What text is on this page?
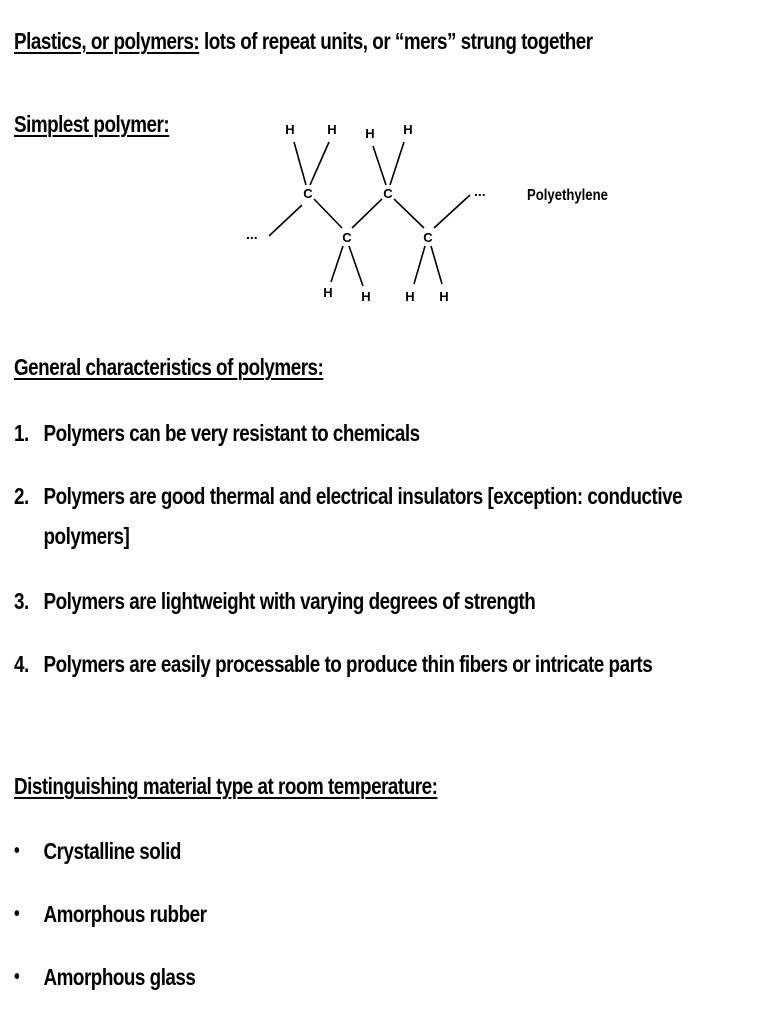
Plastics, or polymers: lots of repeat units, or “mers” strung together
Simplest polymer:
C
C
C
C
H	H H H
H H	H H
...
...	Polyethylene
General characteristics of polymers:
1. Polymers can be very resistant to chemicals
2. Polymers are good thermal and electrical insulators [exception: conductive polymers]
3. Polymers are lightweight with varying degrees of strength
4. Polymers are easily processable to produce thin fibers or intricate parts
Distinguishing material type at room temperature:
• Crystalline solid
• Amorphous rubber
• Amorphous glass
